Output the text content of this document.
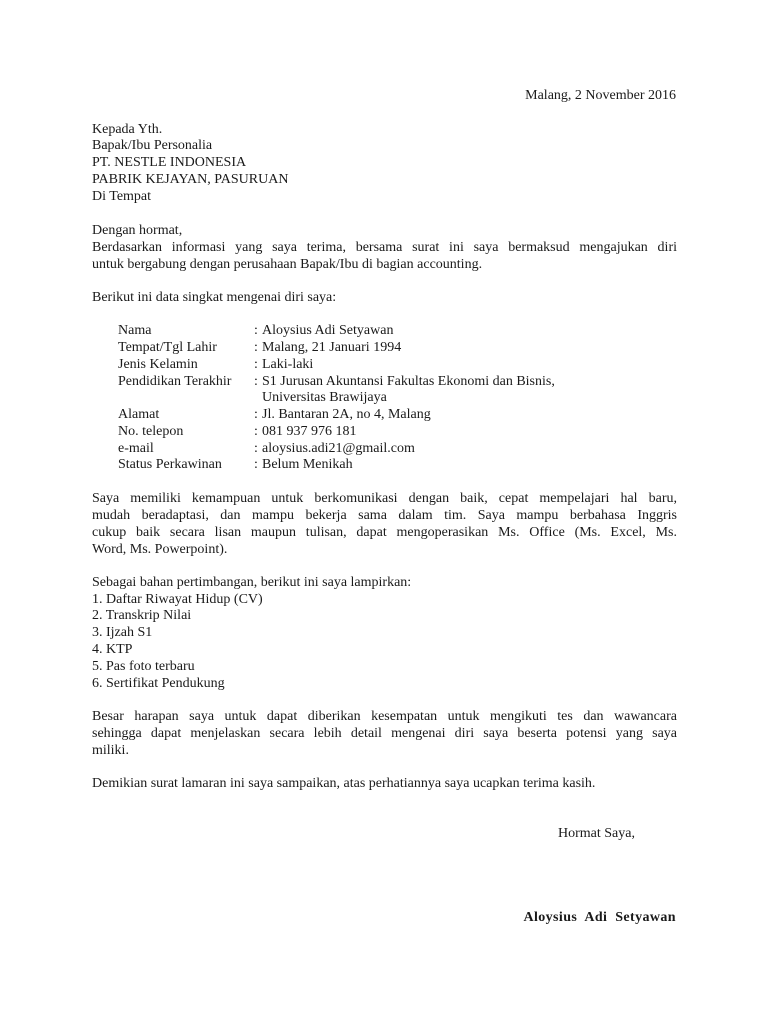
Malang, 2 November 2016
Kepada Yth.
Bapak/Ibu Personalia
PT. NESTLE INDONESIA
PABRIK KEJAYAN, PASURUAN
Di Tempat
Dengan hormat,
Berdasarkan informasi yang saya terima, bersama surat ini saya bermaksud mengajukan diri
untuk bergabung dengan perusahaan Bapak/Ibu di bagian accounting.
Berikut ini data singkat mengenai diri saya:
Nama	: Aloysius Adi Setyawan
Tempat/Tgl Lahir	: Malang, 21 Januari 1994
Jenis Kelamin	: Laki-laki
Pendidikan Terakhir : S1 Jurusan Akuntansi Fakultas Ekonomi dan Bisnis,
Universitas Brawijaya
Alamat	: Jl. Bantaran 2A, no 4, Malang
No. telepon	: 081 937 976 181
e-mail	: aloysius.adi21@gmail.com
Status Perkawinan : Belum Menikah
Saya memiliki kemampuan untuk berkomunikasi dengan baik, cepat mempelajari hal baru,
mudah beradaptasi, dan mampu bekerja sama dalam tim. Saya mampu berbahasa Inggris
cukup baik secara lisan maupun tulisan, dapat mengoperasikan Ms. Office (Ms. Excel, Ms.
Word, Ms. Powerpoint).
Sebagai bahan pertimbangan, berikut ini saya lampirkan:
1. Daftar Riwayat Hidup (CV)
2. Transkrip Nilai
3. Ijzah S1
4. KTP
5. Pas foto terbaru
6. Sertifikat Pendukung
Besar harapan saya untuk dapat diberikan kesempatan untuk mengikuti tes dan wawancara
sehingga dapat menjelaskan secara lebih detail mengenai diri saya beserta potensi yang saya
miliki.
Demikian surat lamaran ini saya sampaikan, atas perhatiannya saya ucapkan terima kasih.
Hormat Saya,
Aloysius Adi Setyawan
